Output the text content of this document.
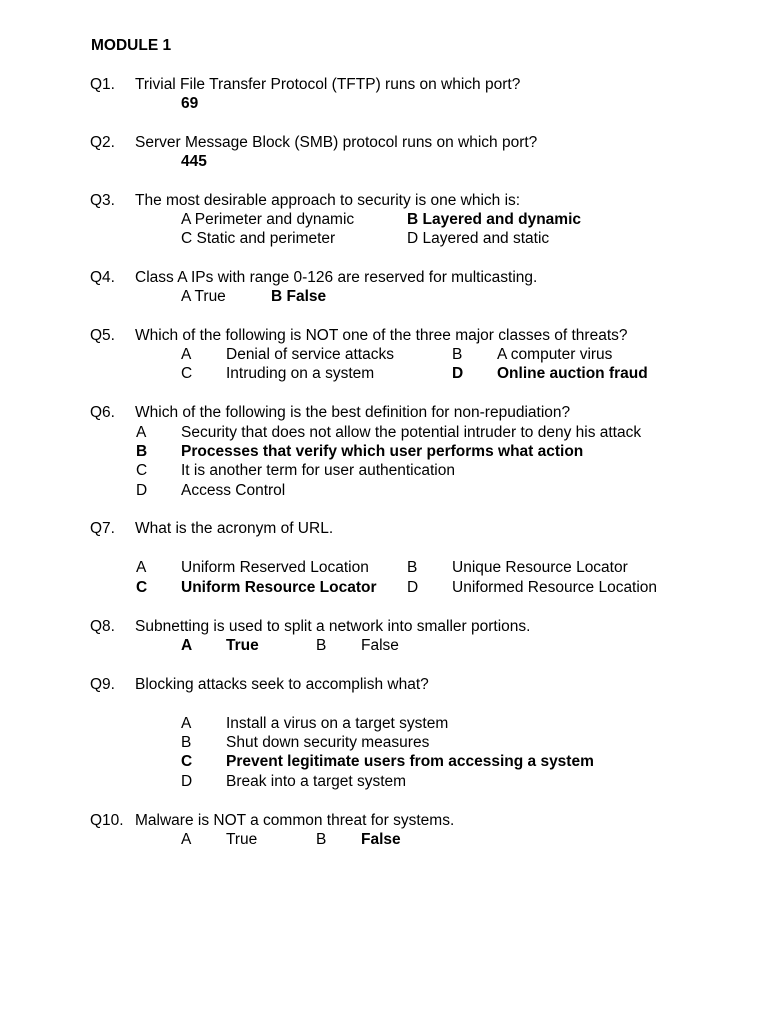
MODULE 1
Q1. Trivial File Transfer Protocol (TFTP) runs on which port?
69
Q2. Server Message Block (SMB) protocol runs on which port?
445
Q3. The most desirable approach to security is one which is:
A Perimeter and dynamic	B Layered and dynamic
C Static and perimeter	D Layered and static
Q4. Class A IPs with range 0-126 are reserved for multicasting.
A True	B False
Q5. Which of the following is NOT one of the three major classes of threats?
A Denial of service attacks	B A computer virus
C Intruding on a system	D Online auction fraud
Q6. Which of the following is the best definition for non-repudiation?
A Security that does not allow the potential intruder to deny his attack
B Processes that verify which user performs what action
C It is another term for user authentication
D Access Control
Q7. What is the acronym of URL.
A Uniform Reserved Location B Unique Resource Locator
C Uniform Resource Locator D Uniformed Resource Location
Q8. Subnetting is used to split a network into smaller portions.
A True	B False
Q9. Blocking attacks seek to accomplish what?
A Install a virus on a target system
B Shut down security measures
C Prevent legitimate users from accessing a system
D Break into a target system
Q10. Malware is NOT a common threat for systems.
A True	B False
